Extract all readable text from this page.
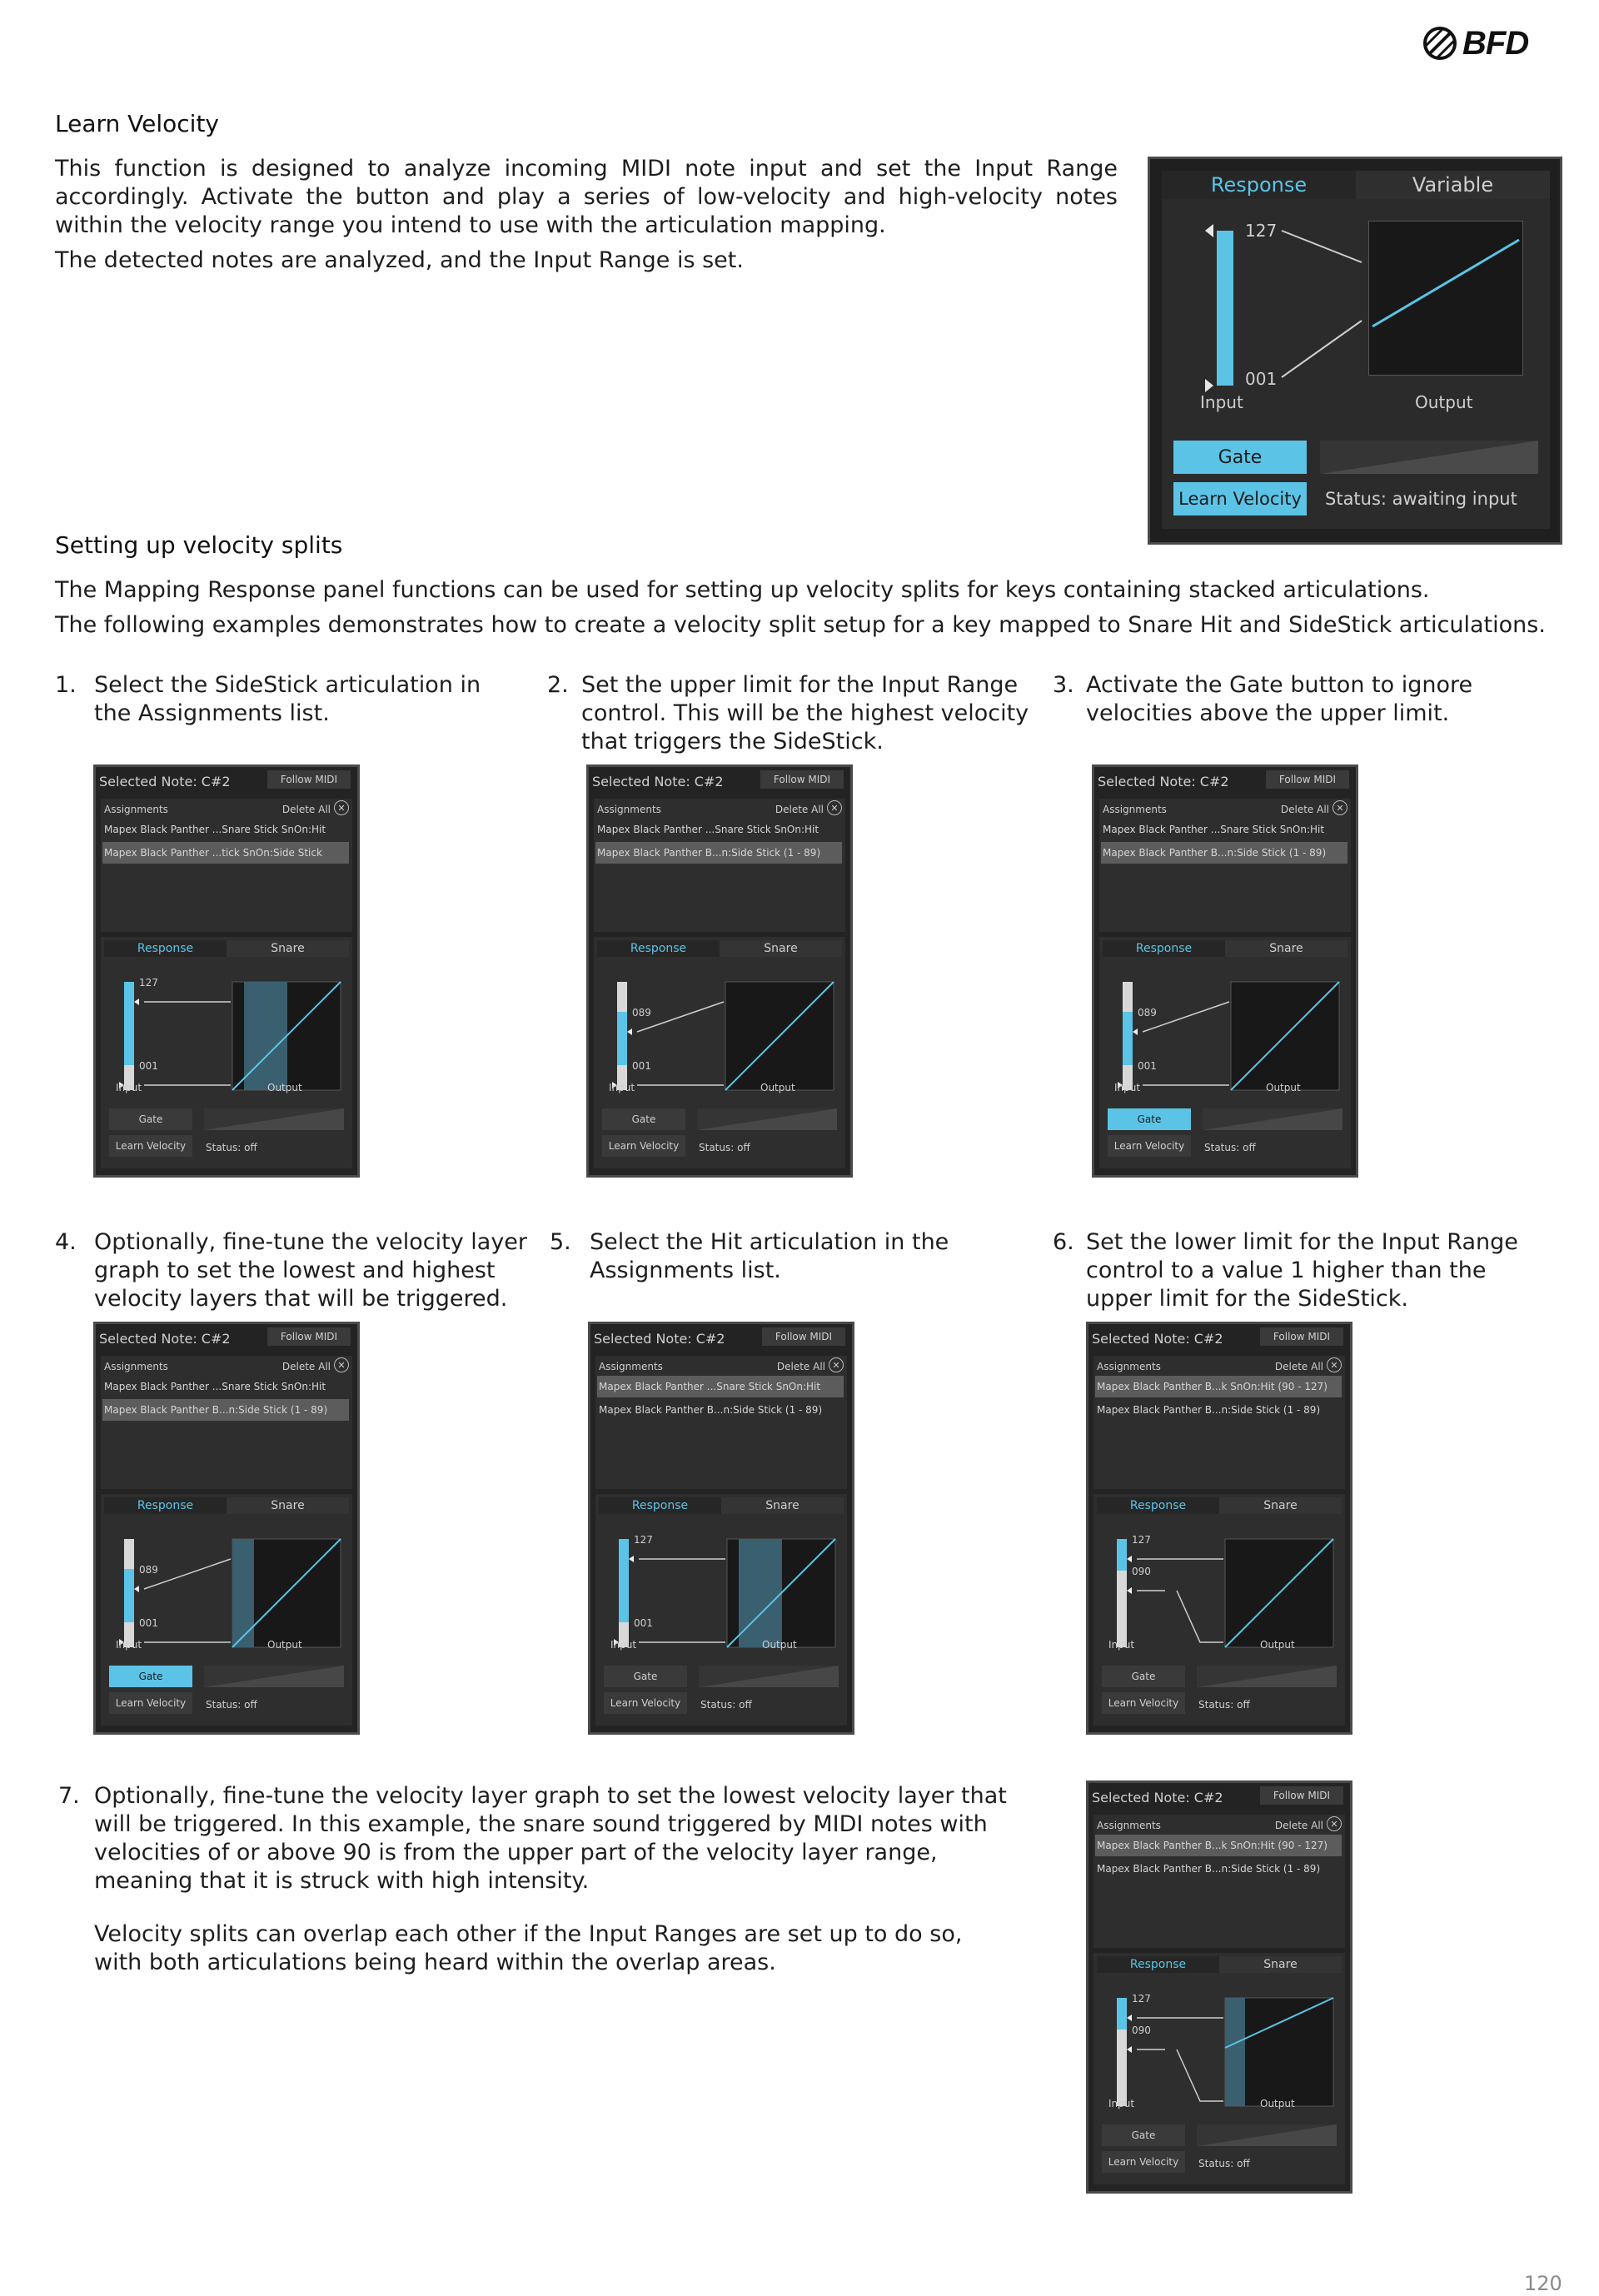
BFD
Learn Velocity

This function is designed to analyze incoming MIDI note input and set the Input Range accordingly. Activate the button and play a series of low-velocity and high-velocity notes within the velocity range you intend to use with the articulation mapping.

The detected notes are analyzed, and the Input Range is set.

Response	Variable
127
001
Input	Output
Gate
Learn Velocity Status: awaiting input
Setting up velocity splits

The Mapping Response panel functions can be used for setting up velocity splits for keys containing stacked articulations.

The following examples demonstrates how to create a velocity split setup for a key mapped to Snare Hit and SideStick articulations.

1. Select the SideStick articulation in the Assignments list.
2. Set the upper limit for the Input Range control. This will be the highest velocity that triggers the SideStick.
3. Activate the Gate button to ignore velocities above the upper limit.
4. Optionally, fine-tune the velocity layer graph to set the lowest and highest velocity layers that will be triggered.
5. Select the Hit articulation in the Assignments list.
6. Set the lower limit for the Input Range control to a value 1 higher than the upper limit for the SideStick.
7. Optionally, fine-tune the velocity layer graph to set the lowest velocity layer that will be triggered. In this example, the snare sound triggered by MIDI notes with velocities of or above 90 is from the upper part of the velocity layer range, meaning that it is struck with high intensity.
Velocity splits can overlap each other if the Input Ranges are set up to do so, with both articulations being heard within the overlap areas.
Selected Note: C#2	Follow MIDI
Assignments	Delete All ✕
Mapex Black Panther ...Snare Stick SnOn:Hit
Mapex Black Panther ...tick SnOn:Side Stick
Response	Snare
127
001
Input	Output
Gate
Learn Velocity	Status: off
Selected Note: C#2	Follow MIDI
Assignments	Delete All ✕
Mapex Black Panther ...Snare Stick SnOn:Hit
Mapex Black Panther B...n:Side Stick (1 - 89)
Response	Snare
089
001
Input	Output
Gate
Learn Velocity	Status: off
Selected Note: C#2	Follow MIDI
Assignments	Delete All ✕
Mapex Black Panther ...Snare Stick SnOn:Hit
Mapex Black Panther B...n:Side Stick (1 - 89)
Response	Snare
089
001
Input	Output
Gate
Learn Velocity	Status: off
Selected Note: C#2	Follow MIDI
Assignments	Delete All ✕
Mapex Black Panther ...Snare Stick SnOn:Hit
Mapex Black Panther B...n:Side Stick (1 - 89)
Response	Snare
089
001
Input	Output
Gate
Learn Velocity	Status: off
Selected Note: C#2	Follow MIDI
Assignments	Delete All ✕
Mapex Black Panther ...Snare Stick SnOn:Hit
Mapex Black Panther B...n:Side Stick (1 - 89)
Response	Snare
127
001
Input	Output
Gate
Learn Velocity	Status: off
Selected Note: C#2	Follow MIDI
Assignments	Delete All ✕
Mapex Black Panther B...k SnOn:Hit (90 - 127)
Mapex Black Panther B...n:Side Stick (1 - 89)
Response	Snare
127
090
Input	Output
Gate
Learn Velocity	Status: off
Selected Note: C#2	Follow MIDI
Assignments	Delete All ✕
Mapex Black Panther B...k SnOn:Hit (90 - 127)
Mapex Black Panther B...n:Side Stick (1 - 89)
Response	Snare
127
090
Input	Output
Gate
Learn Velocity	Status: off
120
